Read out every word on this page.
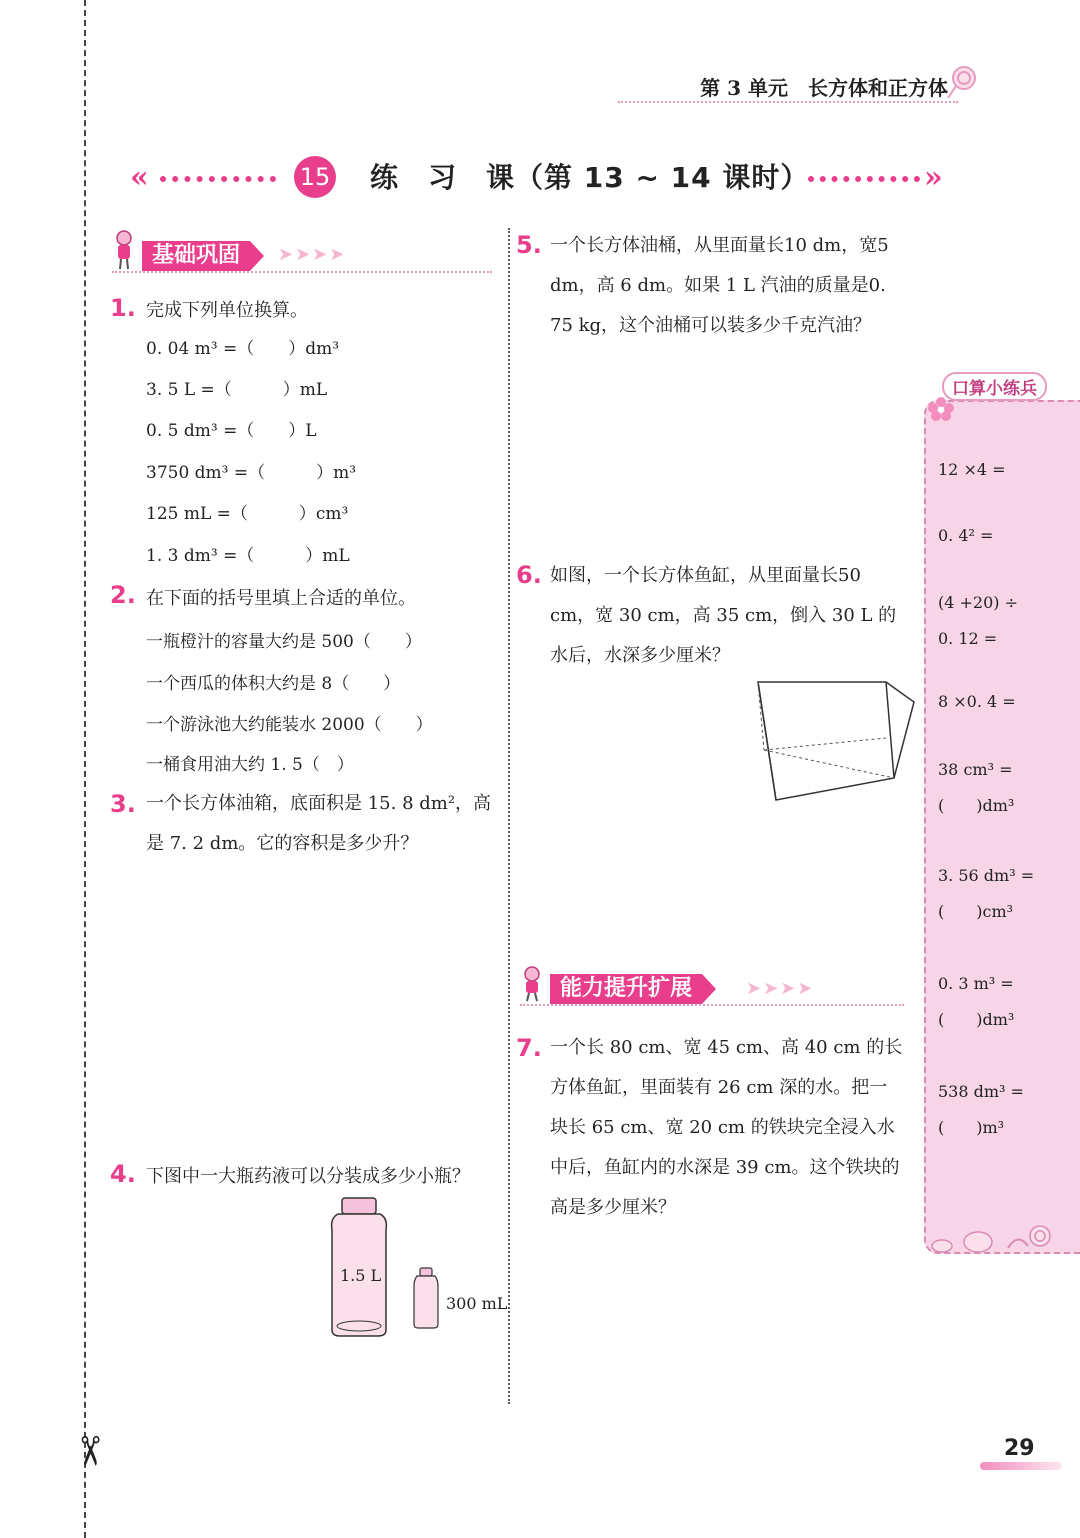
✂
第 3 单元　 长方体和正方体
«	15 练　习　课（第 13 ~ 14 课时）	»
基础巩固	➤➤➤➤
1. 完成下列单位换算。
0. 04 m³ =（　　）dm³
3. 5 L =（　　　）mL
0. 5 dm³ =（　　）L
3750 dm³ =（　　　）m³
125 mL =（　　　）cm³
1. 3 dm³ =（　　　）mL
2. 在下面的括号里填上合适的单位。
一瓶橙汁的容量大约是 500（　　）
一个西瓜的体积大约是 8（　　）
一个游泳池大约能装水 2000（　　）
一桶食用油大约 1. 5（　）
3. 一个长方体油箱，底面积是 15. 8 dm²，高是 7. 2 dm。它的容积是多少升？
4. 下图中一大瓶药液可以分装成多少小瓶？
1.5 L
300 mL
5. 一个长方体油桶，从里面量长10 dm，宽5 dm，高 6 dm。如果 1 L 汽油的质量是0. 75 kg，这个油桶可以装多少千克汽油？
6. 如图，一个长方体鱼缸，从里面量长50 cm，宽 30 cm，高 35 cm，倒入 30 L 的水后，水深多少厘米？
能力提升扩展	➤➤➤➤
7. 一个长 80 cm、宽 45 cm、高 40 cm 的长方体鱼缸，里面装有 26 cm 深的水。把一块长 65 cm、宽 20 cm 的铁块完全浸入水中后，鱼缸内的水深是 39 cm。这个铁块的高是多少厘米？
口算小练兵
12 ×4 =
0. 4² =
(4 +20) ÷
0. 12 =
8 ×0. 4 =
38 cm³ =
(　　)dm³
3. 56 dm³ =
(　　)cm³
0. 3 m³ =
(　　)dm³
538 dm³ =
(　　)m³
29
